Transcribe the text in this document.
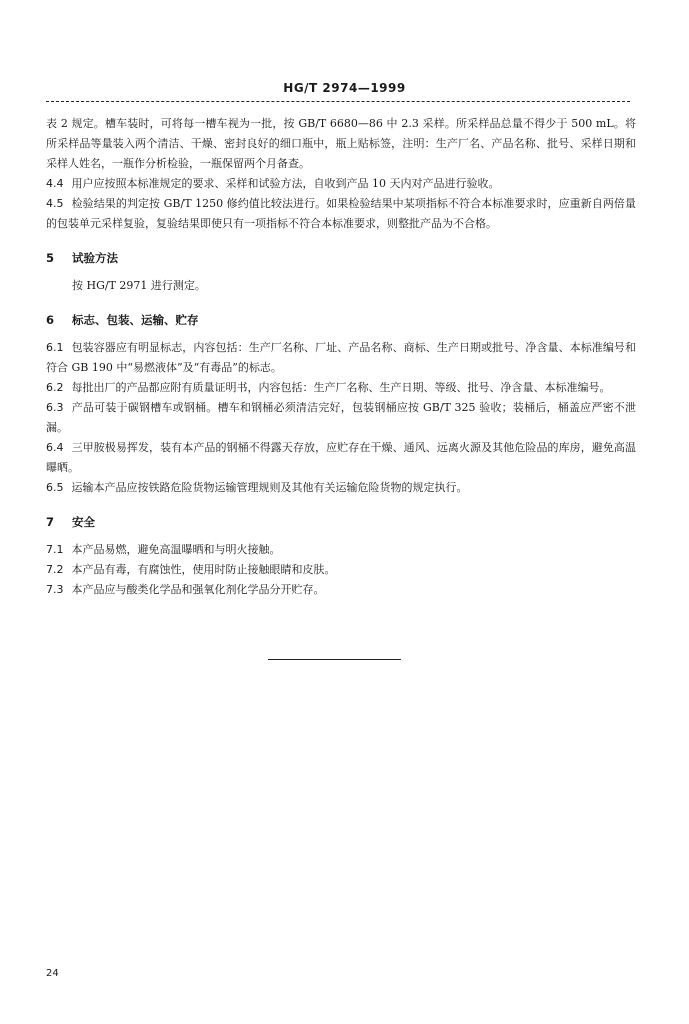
HG/T 2974—1999

表 2 规定。槽车装时，可将每一槽车视为一批，按 GB/T 6680—86 中 2.3 采样。所采样品总量不得少于 500 mL。将所采样品等量装入两个清洁、干燥、密封良好的细口瓶中，瓶上贴标签，注明：生产厂名、产品名称、批号、采样日期和采样人姓名，一瓶作分析检验，一瓶保留两个月备查。

4.4 用户应按照本标准规定的要求、采样和试验方法，自收到产品 10 天内对产品进行验收。

4.5 检验结果的判定按 GB/T 1250 修约值比较法进行。如果检验结果中某项指标不符合本标准要求时，应重新自两倍量的包装单元采样复验，复验结果即使只有一项指标不符合本标准要求，则整批产品为不合格。

5 试验方法

按 HG/T 2971 进行测定。

6 标志、包装、运输、贮存

6.1 包装容器应有明显标志，内容包括：生产厂名称、厂址、产品名称、商标、生产日期或批号、净含量、本标准编号和符合 GB 190 中“易燃液体”及“有毒品”的标志。

6.2 每批出厂的产品都应附有质量证明书，内容包括：生产厂名称、生产日期、等级、批号、净含量、本标准编号。

6.3 产品可装于碳钢槽车或钢桶。槽车和钢桶必须清洁完好，包装钢桶应按 GB/T 325 验收；装桶后，桶盖应严密不泄漏。

6.4 三甲胺极易挥发，装有本产品的钢桶不得露天存放，应贮存在干燥、通风、远离火源及其他危险品的库房，避免高温曝晒。

6.5 运输本产品应按铁路危险货物运输管理规则及其他有关运输危险货物的规定执行。

7 安全

7.1 本产品易燃，避免高温曝晒和与明火接触。

7.2 本产品有毒，有腐蚀性，使用时防止接触眼睛和皮肤。

7.3 本产品应与酸类化学品和强氧化剂化学品分开贮存。

24
